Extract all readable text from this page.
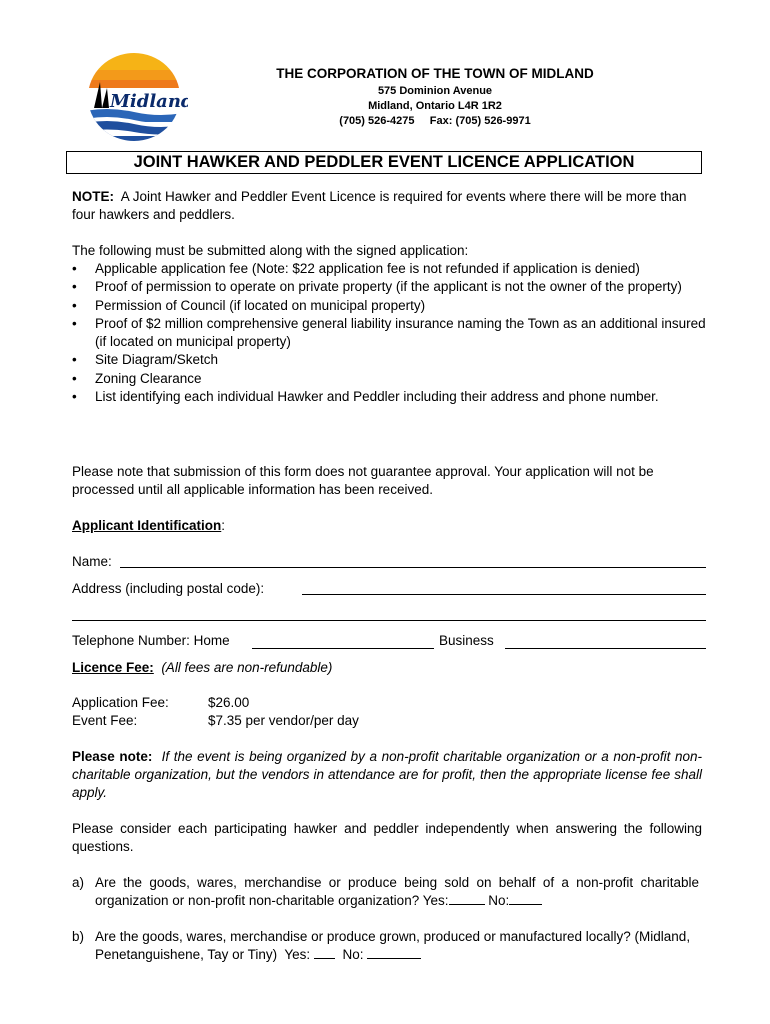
Midland
THE CORPORATION OF THE TOWN OF MIDLAND
575 Dominion Avenue
Midland, Ontario L4R 1R2
(705) 526-4275 Fax: (705) 526-9971
JOINT HAWKER AND PEDDLER EVENT LICENCE APPLICATION
NOTE: A Joint Hawker and Peddler Event Licence is required for events where there will be more than four hawkers and peddlers.
The following must be submitted along with the signed application:
• Applicable application fee (Note: $22 application fee is not refunded if application is denied)
• Proof of permission to operate on private property (if the applicant is not the owner of the property)
• Permission of Council (if located on municipal property)
• Proof of $2 million comprehensive general liability insurance naming the Town as an additional insured (if located on municipal property)
• Site Diagram/Sketch
• Zoning Clearance
• List identifying each individual Hawker and Peddler including their address and phone number.
Please note that submission of this form does not guarantee approval. Your application will not be processed until all applicable information has been received.
Applicant Identification:
Name:
Address (including postal code):
Telephone Number: Home	Business
Licence Fee: (All fees are non-refundable)
Application Fee:	$26.00
Event Fee:	$7.35 per vendor/per day
Please note: If the event is being organized by a non-profit charitable organization or a non-profit non-charitable organization, but the vendors in attendance are for profit, then the appropriate license fee shall apply.
Please consider each participating hawker and peddler independently when answering the following questions.
a) Are the goods, wares, merchandise or produce being sold on behalf of a non-profit charitable organization or non-profit non-charitable organization? Yes:	No:
b) Are the goods, wares, merchandise or produce grown, produced or manufactured locally? (Midland, Penetanguishene, Tay or Tiny) Yes: No:
